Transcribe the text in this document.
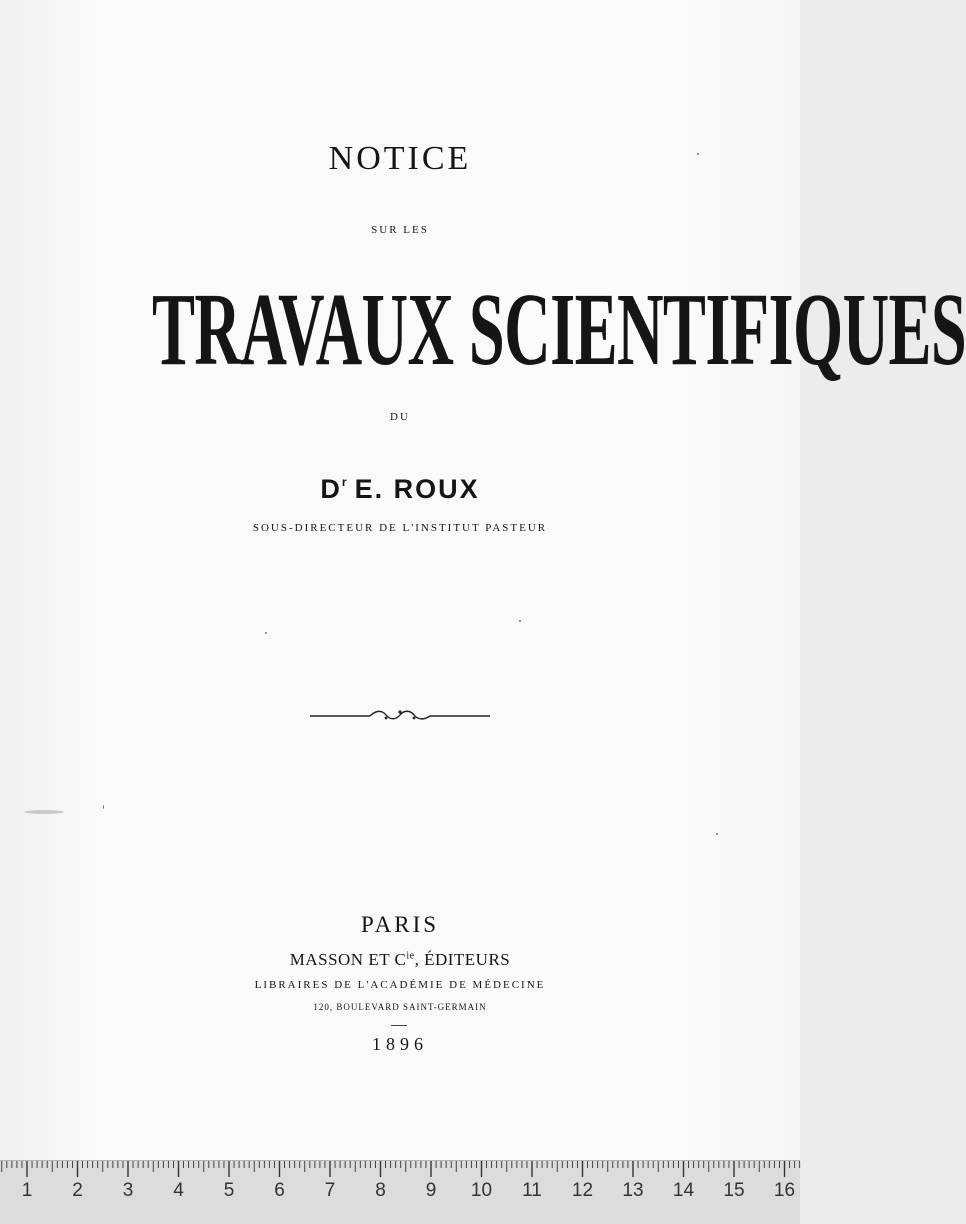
NOTICE
SUR LES
TRAVAUX SCIENTIFIQUES
DU
$D^r$ E. ROUX
SOUS-DIRECTEUR DE L'INSTITUT PASTEUR
PARIS
MASSON ET $C^{ie}$, ÉDITEURS
LIBRAIRES DE L'ACADÉMIE DE MÉDECINE
120, BOULEVARD SAINT-GERMAIN
1896
1	2	3	4	5	6	7	8	9	10 11 12 13 14 15 16
